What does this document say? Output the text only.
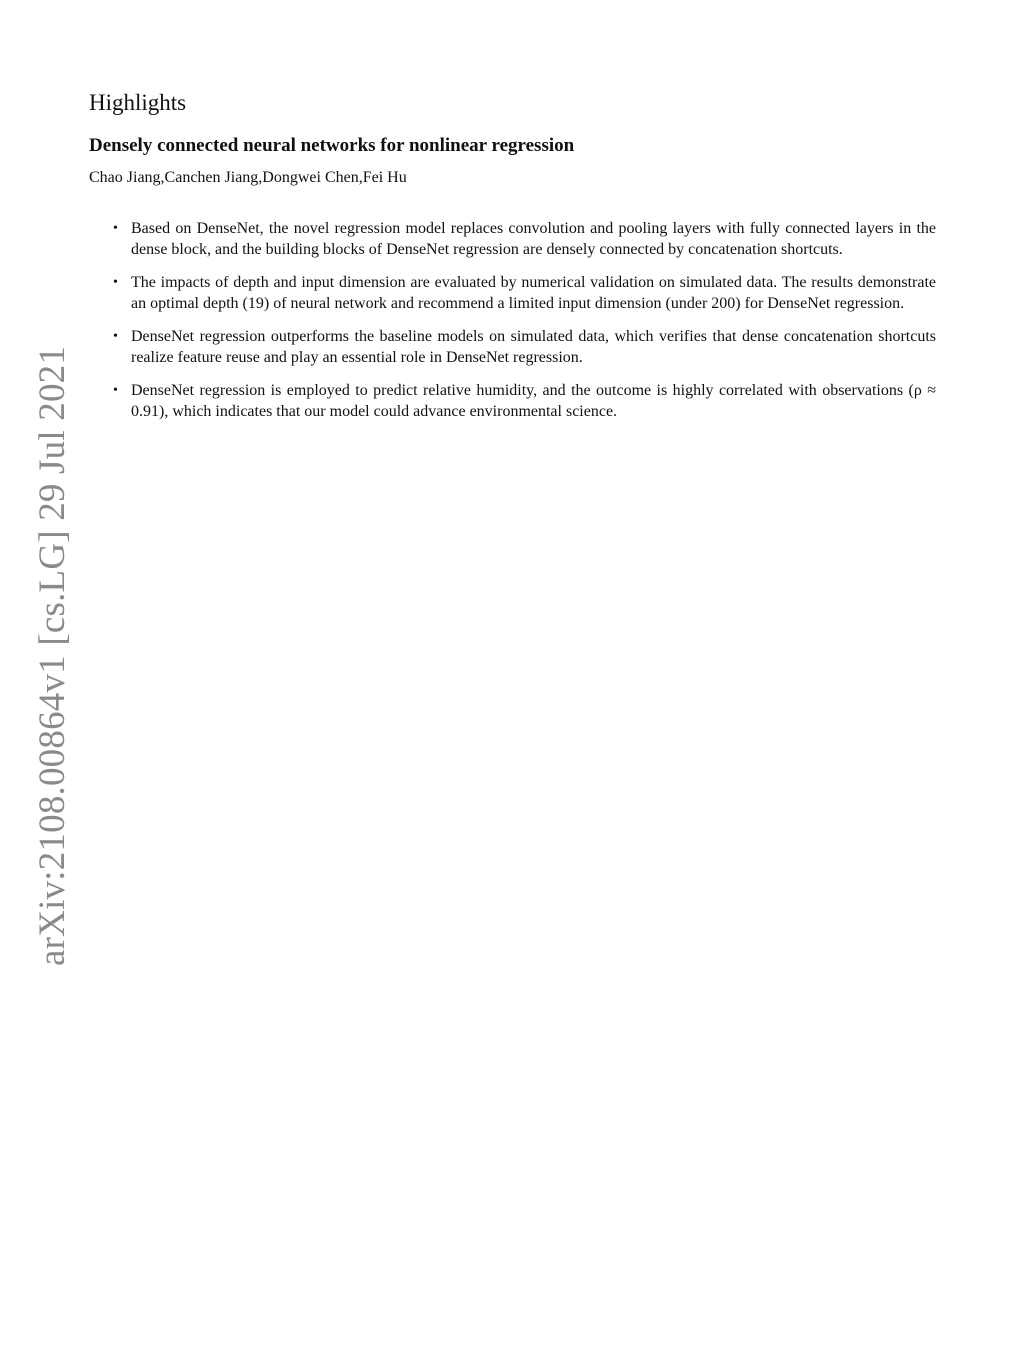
arXiv:2108.00864v1 [cs.LG] 29 Jul 2021
Highlights
Densely connected neural networks for nonlinear regression
Chao Jiang,Canchen Jiang,Dongwei Chen,Fei Hu
• Based on DenseNet, the novel regression model replaces convolution and pooling layers with fully connected layers in the dense block, and the building blocks of DenseNet regression are densely connected by concatenation shortcuts.
• The impacts of depth and input dimension are evaluated by numerical validation on simulated data. The results demonstrate an optimal depth (19) of neural network and recommend a limited input dimension (under 200) for DenseNet regression.
• DenseNet regression outperforms the baseline models on simulated data, which verifies that dense concatenation shortcuts realize feature reuse and play an essential role in DenseNet regression.
• DenseNet regression is employed to predict relative humidity, and the outcome is highly correlated with observations (ρ ≈ 0.91), which indicates that our model could advance environmental science.
